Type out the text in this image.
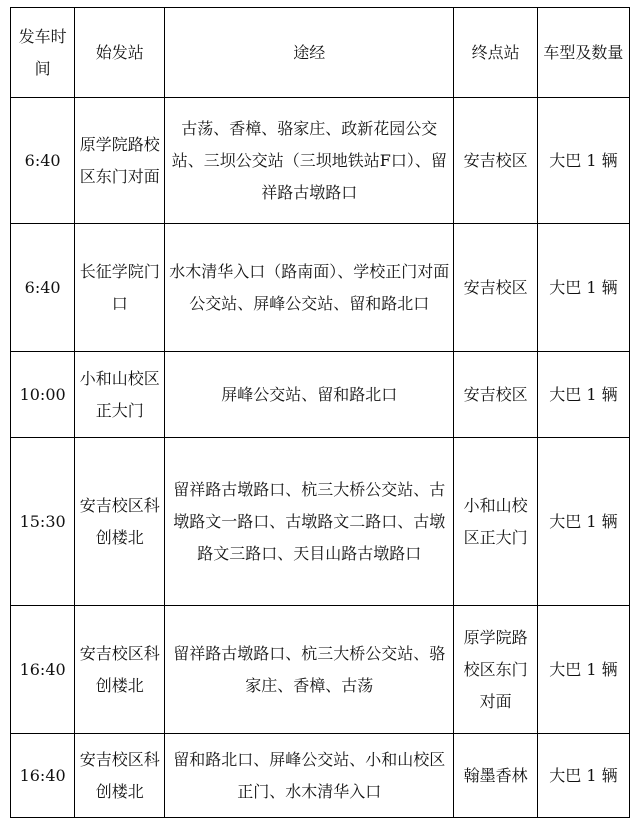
发车时间	始发站	途经	终点站	车型及数量
6:40	原学院路校区东门对面	古荡、香樟、骆家庄、政新花园公交站、三坝公交站（三坝地铁站F口）、留祥路古墩路口	安吉校区	大巴 1 辆
6:40	长征学院门口	水木清华入口（路南面）、学校正门对面公交站、屏峰公交站、留和路北口	安吉校区	大巴 1 辆
10:00	小和山校区正大门	屏峰公交站、留和路北口	安吉校区	大巴 1 辆
15:30	安吉校区科创楼北	留祥路古墩路口、杭三大桥公交站、古墩路文一路口、古墩路文二路口、古墩路文三路口、天目山路古墩路口	小和山校区正大门	大巴 1 辆
16:40	安吉校区科创楼北	留祥路古墩路口、杭三大桥公交站、骆家庄、香樟、古荡	原学院路校区东门对面	大巴 1 辆
16:40	安吉校区科创楼北	留和路北口、屏峰公交站、小和山校区正门、水木清华入口	翰墨香林	大巴 1 辆
